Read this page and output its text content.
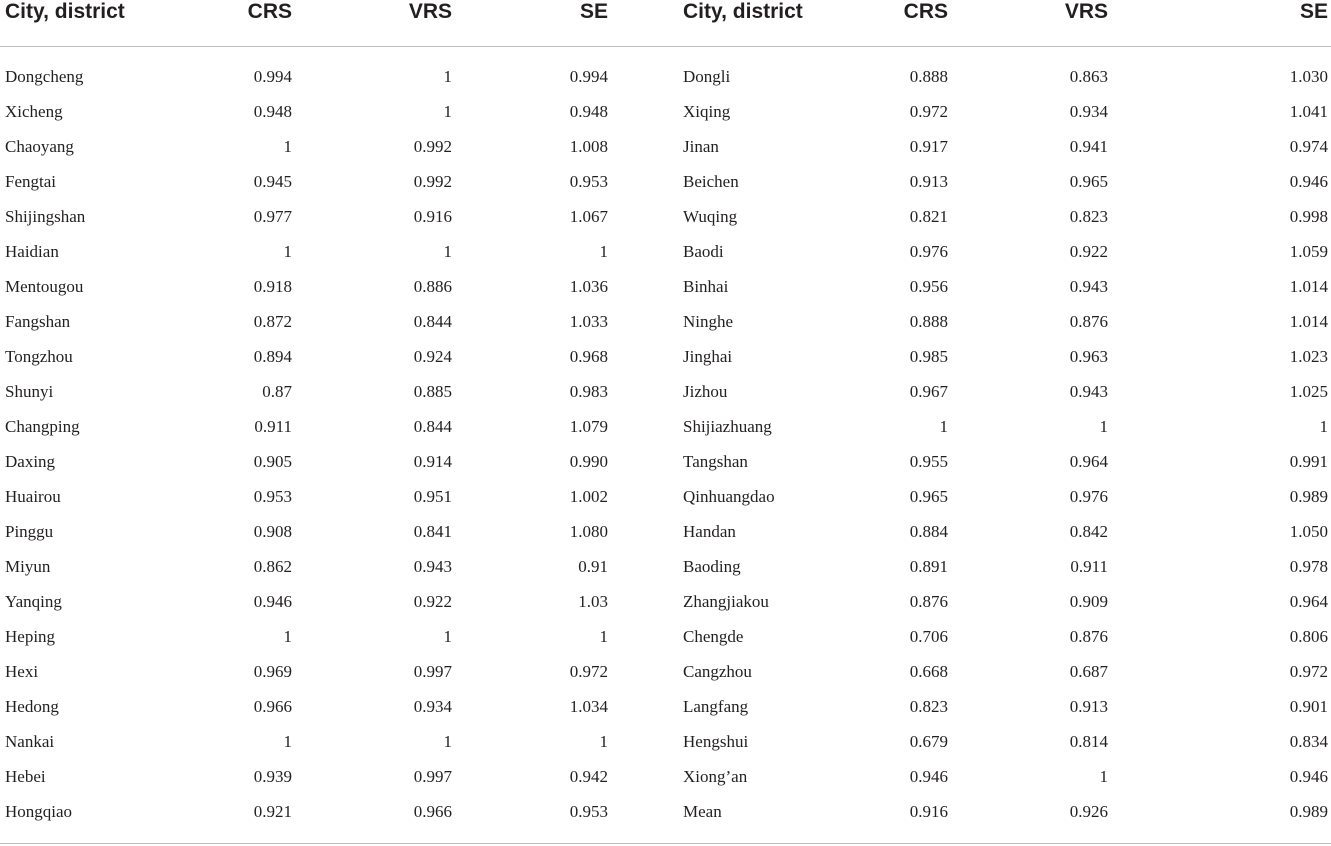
City, district	CRS	VRS	SE	City, district	CRS	VRS	SE
Dongcheng	0.994	1	0.994	Dongli	0.888	0.863	1.030
Xicheng	0.948	1	0.948	Xiqing	0.972	0.934	1.041
Chaoyang	1	0.992	1.008	Jinan	0.917	0.941	0.974
Fengtai	0.945	0.992	0.953	Beichen	0.913	0.965	0.946
Shijingshan	0.977	0.916	1.067	Wuqing	0.821	0.823	0.998
Haidian	1	1	1	Baodi	0.976	0.922	1.059
Mentougou	0.918	0.886	1.036	Binhai	0.956	0.943	1.014
Fangshan	0.872	0.844	1.033	Ninghe	0.888	0.876	1.014
Tongzhou	0.894	0.924	0.968	Jinghai	0.985	0.963	1.023
Shunyi	0.87	0.885	0.983	Jizhou	0.967	0.943	1.025
Changping	0.911	0.844	1.079	Shijiazhuang	1	1	1
Daxing	0.905	0.914	0.990	Tangshan	0.955	0.964	0.991
Huairou	0.953	0.951	1.002	Qinhuangdao	0.965	0.976	0.989
Pinggu	0.908	0.841	1.080	Handan	0.884	0.842	1.050
Miyun	0.862	0.943	0.91	Baoding	0.891	0.911	0.978
Yanqing	0.946	0.922	1.03	Zhangjiakou	0.876	0.909	0.964
Heping	1	1	1	Chengde	0.706	0.876	0.806
Hexi	0.969	0.997	0.972	Cangzhou	0.668	0.687	0.972
Hedong	0.966	0.934	1.034	Langfang	0.823	0.913	0.901
Nankai	1	1	1	Hengshui	0.679	0.814	0.834
Hebei	0.939	0.997	0.942	Xiong’an	0.946	1	0.946
Hongqiao	0.921	0.966	0.953	Mean	0.916	0.926	0.989
